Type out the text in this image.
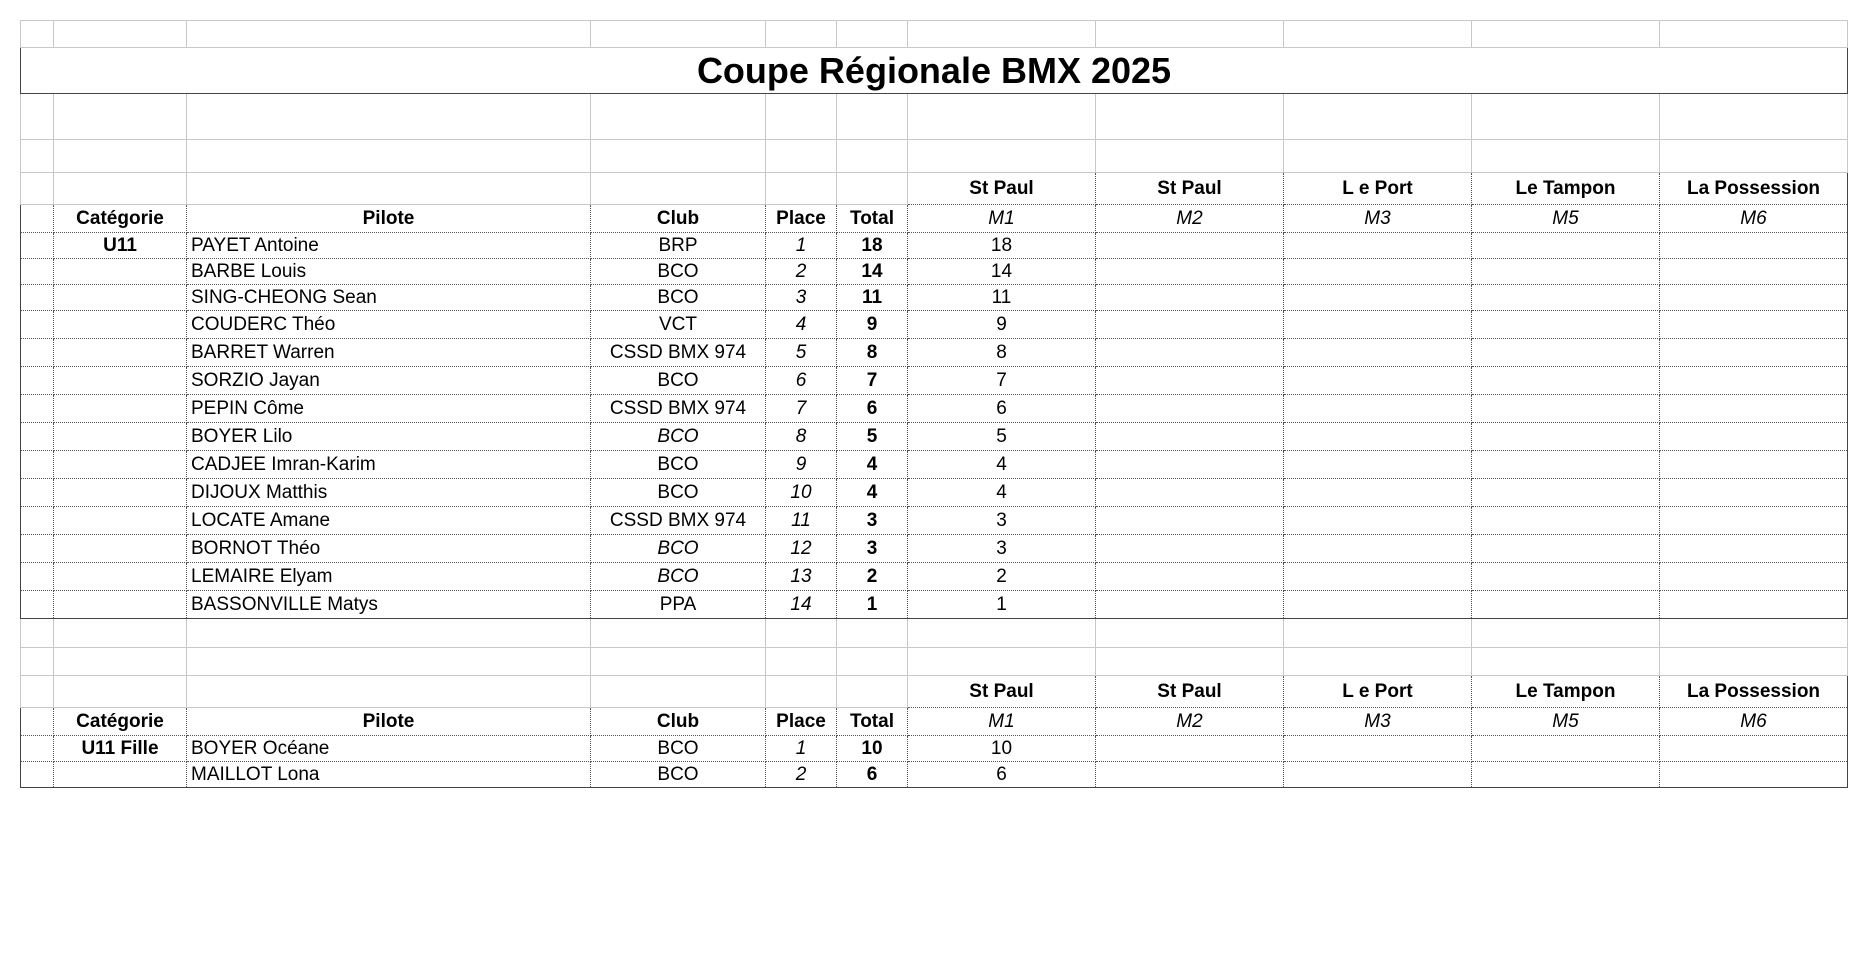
Coupe Régionale BMX 2025										

						St Paul	St Paul	L e Port	Le Tampon	La Possession
	Catégorie	Pilote	Club	Place	Total	M1	M2	M3	M5	M6
	U11	PAYET Antoine	BRP	1	18	18				
		BARBE Louis	BCO	2	14	14				
		SING-CHEONG Sean	BCO	3	11	11				
		COUDERC Théo	VCT	4	9	9				
		BARRET Warren	CSSD BMX 974	5	8	8				
		SORZIO Jayan	BCO	6	7	7				
		PEPIN Côme	CSSD BMX 974	7	6	6				
		BOYER Lilo	BCO	8	5	5				
		CADJEE Imran-Karim	BCO	9	4	4				
		DIJOUX Matthis	BCO	10	4	4				
		LOCATE Amane	CSSD BMX 974	11	3	3				
		BORNOT Théo	BCO	12	3	3				
		LEMAIRE Elyam	BCO	13	2	2				
		BASSONVILLE Matys	PPA	14	1	1				

						St Paul	St Paul	L e Port	Le Tampon	La Possession
	Catégorie	Pilote	Club	Place	Total	M1	M2	M3	M5	M6
	U11 Fille	BOYER Océane	BCO	1	10	10				
		MAILLOT Lona	BCO	2	6	6				
